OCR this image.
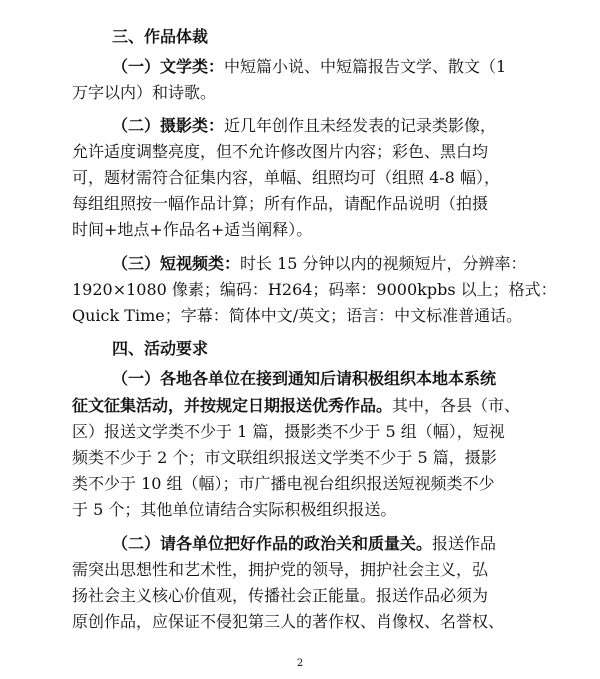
三、作品体裁
（一）文学类：中短篇小说、中短篇报告文学、散文（1
万字以内）和诗歌。
（二）摄影类：近几年创作且未经发表的记录类影像，
允许适度调整亮度，但不允许修改图片内容；彩色、黑白均
可，题材需符合征集内容，单幅、组照均可（组照 4-8 幅），
每组组照按一幅作品计算；所有作品，请配作品说明（拍摄
时间+地点+作品名+适当阐释）。
（三）短视频类：时长 15 分钟以内的视频短片，分辨率：
1920×1080 像素；编码：H264；码率：9000kpbs 以上；格式：
Quick Time；字幕：简体中文/英文；语言：中文标准普通话。
四、活动要求
（一）各地各单位在接到通知后请积极组织本地本系统
征文征集活动，并按规定日期报送优秀作品。其中，各县（市、
区）报送文学类不少于 1 篇，摄影类不少于 5 组（幅），短视
频类不少于 2 个；市文联组织报送文学类不少于 5 篇，摄影
类不少于 10 组（幅）；市广播电视台组织报送短视频类不少
于 5 个；其他单位请结合实际积极组织报送。
（二）请各单位把好作品的政治关和质量关。报送作品
需突出思想性和艺术性，拥护党的领导，拥护社会主义，弘
扬社会主义核心价值观，传播社会正能量。报送作品必须为
原创作品，应保证不侵犯第三人的著作权、肖像权、名誉权、
2
